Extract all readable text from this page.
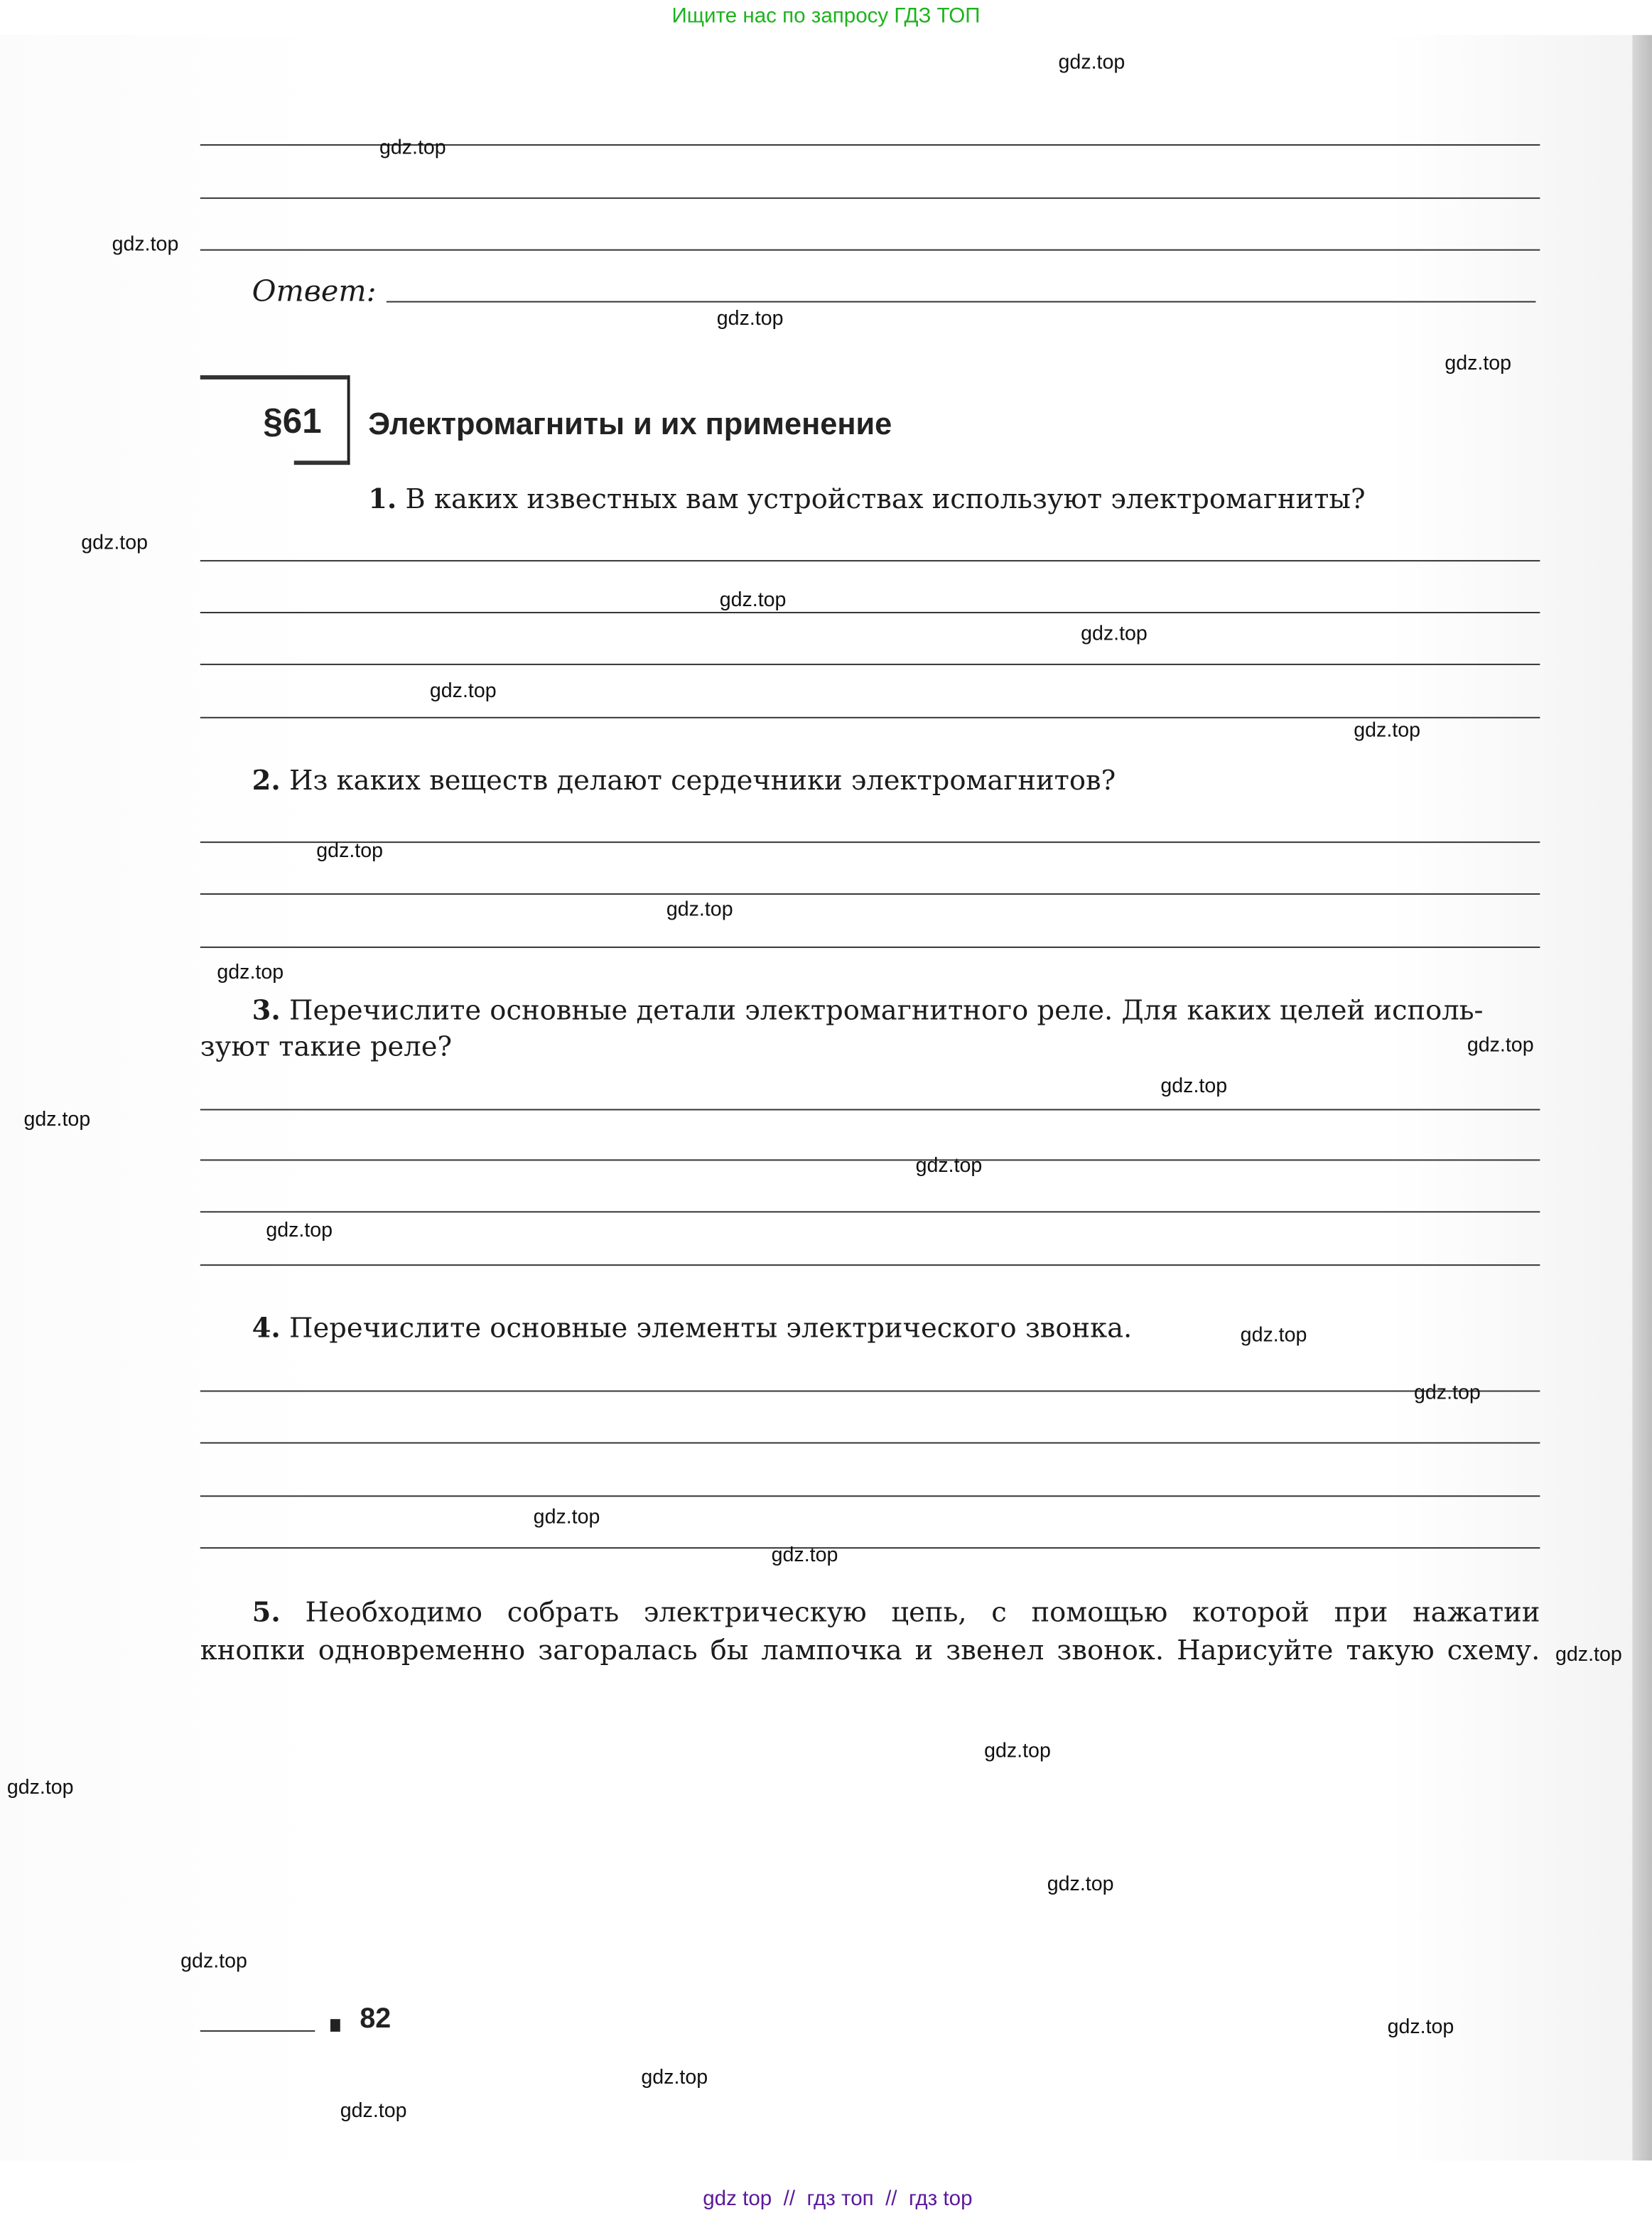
Ищите нас по запросу ГДЗ ТОП
Ответ:
§61	Электромагниты и их применение
1. В каких известных вам устройствах используют электромагниты?
2. Из каких веществ делают сердечники электромагнитов?
3. Перечислите основные детали электромагнитного реле. Для каких целей исполь-
зуют такие реле?
4. Перечислите основные элементы электрического звонка.
5. Необходимо собрать электрическую цепь, с помощью которой при нажатии
кнопки одновременно загоралась бы лампочка и звенел звонок. Нарисуйте такую схему.
82
gdz.top
gdz.top
gdz.top
gdz.top
gdz.top
gdz.top
gdz.top
gdz.top
gdz.top
gdz.top
gdz.top
gdz.top
gdz.top
gdz.top
gdz.top
gdz.top
gdz.top
gdz.top
gdz.top
gdz.top
gdz.top
gdz.top
gdz.top
gdz.top
gdz.top
gdz.top
gdz.top
gdz.top
gdz.top
gdz.top

gdz top // гдз топ // гдз top
